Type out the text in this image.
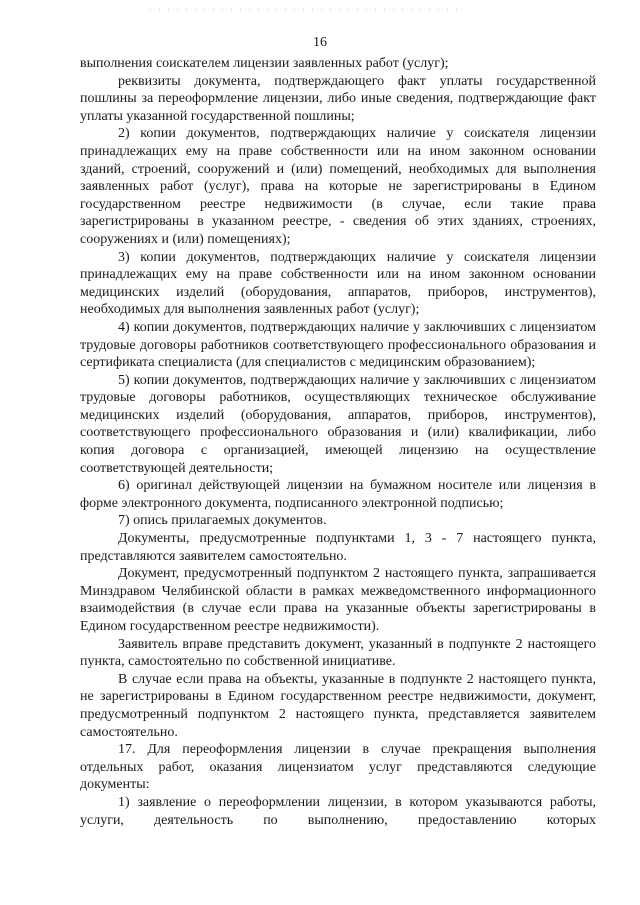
16

выполнения соискателем лицензии заявленных работ (услуг);

реквизиты документа, подтверждающего факт уплаты государственной пошлины за переоформление лицензии, либо иные сведения, подтверждающие факт уплаты указанной государственной пошлины;

2) копии документов, подтверждающих наличие у соискателя лицензии принадлежащих ему на праве собственности или на ином законном основании зданий, строений, сооружений и (или) помещений, необходимых для выполнения заявленных работ (услуг), права на которые не зарегистрированы в Едином государственном реестре недвижимости (в случае, если такие права зарегистрированы в указанном реестре, - сведения об этих зданиях, строениях, сооружениях и (или) помещениях);

3) копии документов, подтверждающих наличие у соискателя лицензии принадлежащих ему на праве собственности или на ином законном основании медицинских изделий (оборудования, аппаратов, приборов, инструментов), необходимых для выполнения заявленных работ (услуг);

4) копии документов, подтверждающих наличие у заключивших с лицензиатом трудовые договоры работников соответствующего профессионального образования и сертификата специалиста (для специалистов с медицинским образованием);

5) копии документов, подтверждающих наличие у заключивших с лицензиатом трудовые договоры работников, осуществляющих техническое обслуживание медицинских изделий (оборудования, аппаратов, приборов, инструментов), соответствующего профессионального образования и (или) квалификации, либо копия договора с организацией, имеющей лицензию на осуществление соответствующей деятельности;

6) оригинал действующей лицензии на бумажном носителе или лицензия в форме электронного документа, подписанного электронной подписью;

7) опись прилагаемых документов.

Документы, предусмотренные подпунктами 1, 3 - 7 настоящего пункта, представляются заявителем самостоятельно.

Документ, предусмотренный подпунктом 2 настоящего пункта, запрашивается Минздравом Челябинской области в рамках межведомственного информационного взаимодействия (в случае если права на указанные объекты зарегистрированы в Едином государственном реестре недвижимости).

Заявитель вправе представить документ, указанный в подпункте 2 настоящего пункта, самостоятельно по собственной инициативе.

В случае если права на объекты, указанные в подпункте 2 настоящего пункта, не зарегистрированы в Едином государственном реестре недвижимости, документ, предусмотренный подпунктом 2 настоящего пункта, представляется заявителем самостоятельно.

17. Для переоформления лицензии в случае прекращения выполнения отдельных работ, оказания лицензиатом услуг представляются следующие документы:

1) заявление о переоформлении лицензии, в котором указываются работы, услуги, деятельность по выполнению, предоставлению которых
